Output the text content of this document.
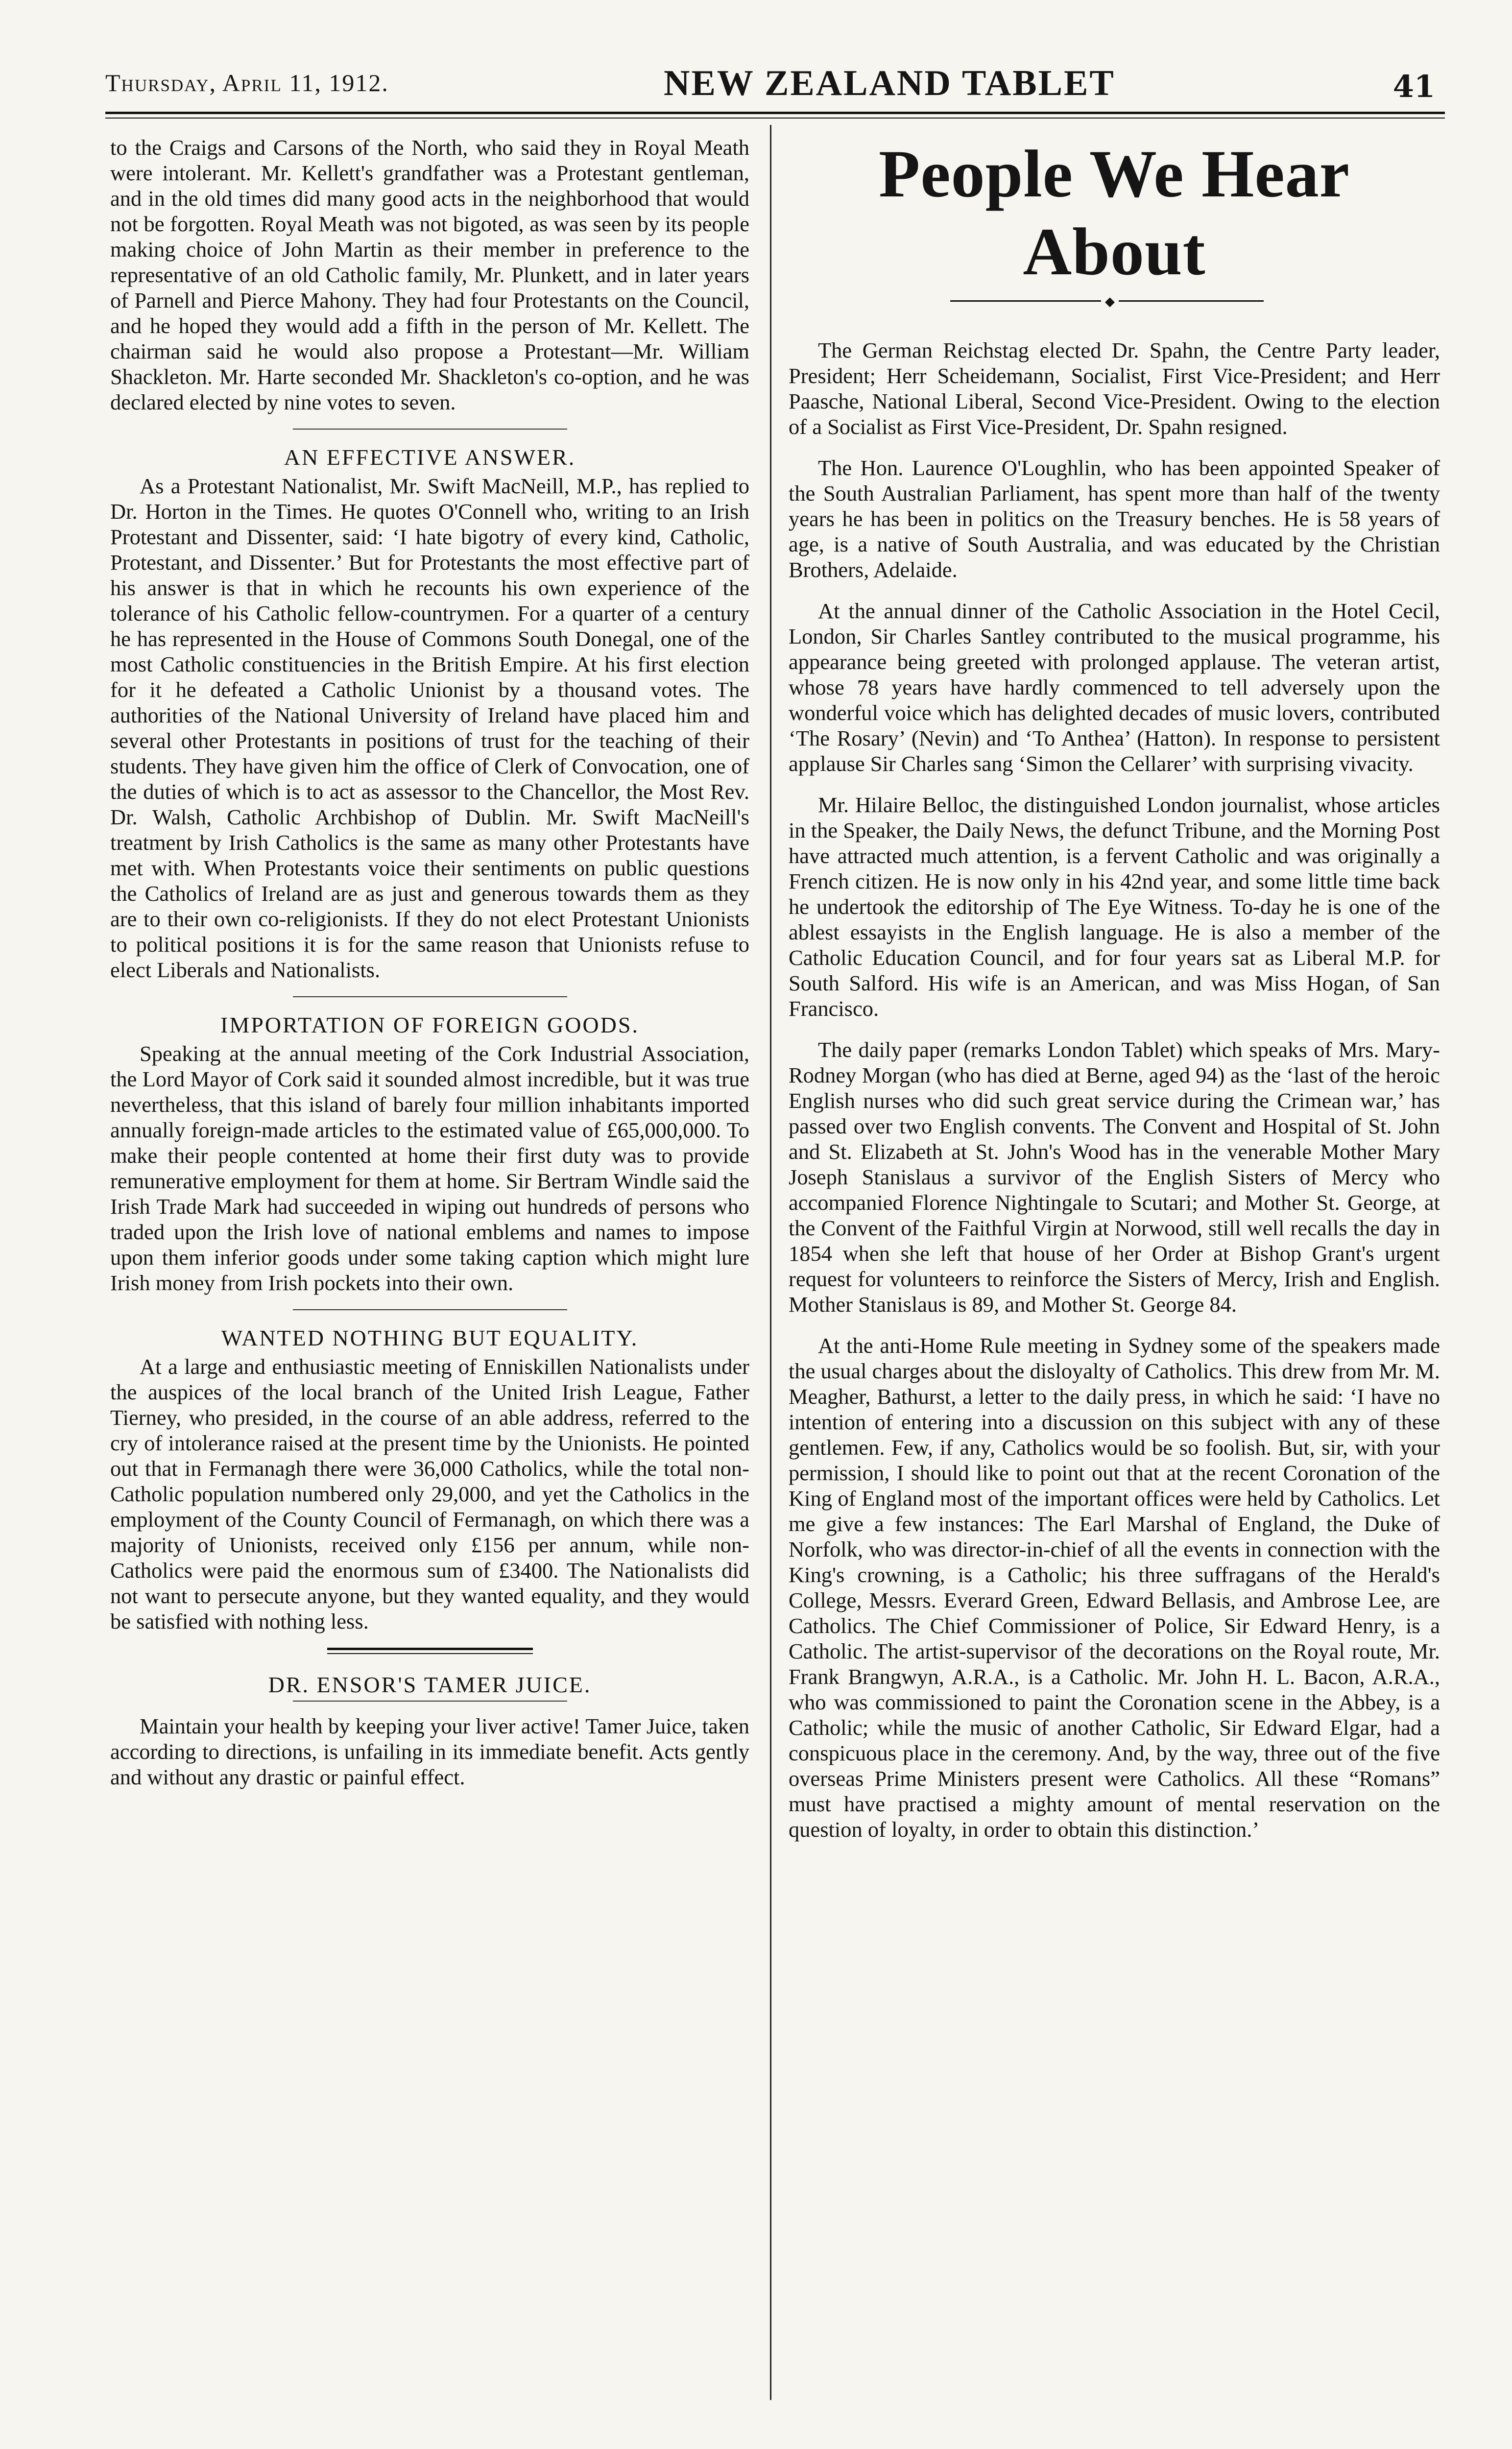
Thursday, April 11, 1912.	NEW ZEALAND TABLET	41

to the Craigs and Carsons of the North, who said they in Royal Meath were intolerant. Mr. Kellett's grandfather was a Protestant gentleman, and in the old times did many good acts in the neighborhood that would not be forgotten. Royal Meath was not bigoted, as was seen by its people making choice of John Martin as their member in preference to the representative of an old Catholic family, Mr. Plunkett, and in later years of Parnell and Pierce Mahony. They had four Protestants on the Council, and he hoped they would add a fifth in the person of Mr. Kellett. The chairman said he would also propose a Protestant—Mr. William Shackleton. Mr. Harte seconded Mr. Shackleton's co-option, and he was declared elected by nine votes to seven.

AN EFFECTIVE ANSWER.

As a Protestant Nationalist, Mr. Swift MacNeill, M.P., has replied to Dr. Horton in the Times. He quotes O'Connell who, writing to an Irish Protestant and Dissenter, said: ‘I hate bigotry of every kind, Catholic, Protestant, and Dissenter.’ But for Protestants the most effective part of his answer is that in which he recounts his own experience of the tolerance of his Catholic fellow-countrymen. For a quarter of a century he has represented in the House of Commons South Donegal, one of the most Catholic constituencies in the British Empire. At his first election for it he defeated a Catholic Unionist by a thousand votes. The authorities of the National University of Ireland have placed him and several other Protestants in positions of trust for the teaching of their students. They have given him the office of Clerk of Convocation, one of the duties of which is to act as assessor to the Chancellor, the Most Rev. Dr. Walsh, Catholic Archbishop of Dublin. Mr. Swift MacNeill's treatment by Irish Catholics is the same as many other Protestants have met with. When Protestants voice their sentiments on public questions the Catholics of Ireland are as just and generous towards them as they are to their own co-religionists. If they do not elect Protestant Unionists to political positions it is for the same reason that Unionists refuse to elect Liberals and Nationalists.

IMPORTATION OF FOREIGN GOODS.

Speaking at the annual meeting of the Cork Industrial Association, the Lord Mayor of Cork said it sounded almost incredible, but it was true nevertheless, that this island of barely four million inhabitants imported annually foreign-made articles to the estimated value of £65,000,000. To make their people contented at home their first duty was to provide remunerative employment for them at home. Sir Bertram Windle said the Irish Trade Mark had succeeded in wiping out hundreds of persons who traded upon the Irish love of national emblems and names to impose upon them inferior goods under some taking caption which might lure Irish money from Irish pockets into their own.

WANTED NOTHING BUT EQUALITY.

At a large and enthusiastic meeting of Enniskillen Nationalists under the auspices of the local branch of the United Irish League, Father Tierney, who presided, in the course of an able address, referred to the cry of intolerance raised at the present time by the Unionists. He pointed out that in Fermanagh there were 36,000 Catholics, while the total non-Catholic population numbered only 29,000, and yet the Catholics in the employment of the County Council of Fermanagh, on which there was a majority of Unionists, received only £156 per annum, while non-Catholics were paid the enormous sum of £3400. The Nationalists did not want to persecute anyone, but they wanted equality, and they would be satisfied with nothing less.

DR. ENSOR'S TAMER JUICE.

Maintain your health by keeping your liver active! Tamer Juice, taken according to directions, is unfailing in its immediate benefit. Acts gently and without any drastic or painful effect.

People We Hear About
◆

The German Reichstag elected Dr. Spahn, the Centre Party leader, President; Herr Scheidemann, Socialist, First Vice-President; and Herr Paasche, National Liberal, Second Vice-President. Owing to the election of a Socialist as First Vice-President, Dr. Spahn resigned.

The Hon. Laurence O'Loughlin, who has been appointed Speaker of the South Australian Parliament, has spent more than half of the twenty years he has been in politics on the Treasury benches. He is 58 years of age, is a native of South Australia, and was educated by the Christian Brothers, Adelaide.

At the annual dinner of the Catholic Association in the Hotel Cecil, London, Sir Charles Santley contributed to the musical programme, his appearance being greeted with prolonged applause. The veteran artist, whose 78 years have hardly commenced to tell adversely upon the wonderful voice which has delighted decades of music lovers, contributed ‘The Rosary’ (Nevin) and ‘To Anthea’ (Hatton). In response to persistent applause Sir Charles sang ‘Simon the Cellarer’ with surprising vivacity.

Mr. Hilaire Belloc, the distinguished London journalist, whose articles in the Speaker, the Daily News, the defunct Tribune, and the Morning Post have attracted much attention, is a fervent Catholic and was originally a French citizen. He is now only in his 42nd year, and some little time back he undertook the editorship of The Eye Witness. To-day he is one of the ablest essayists in the English language. He is also a member of the Catholic Education Council, and for four years sat as Liberal M.P. for South Salford. His wife is an American, and was Miss Hogan, of San Francisco.

The daily paper (remarks London Tablet) which speaks of Mrs. Mary-Rodney Morgan (who has died at Berne, aged 94) as the ‘last of the heroic English nurses who did such great service during the Crimean war,’ has passed over two English convents. The Convent and Hospital of St. John and St. Elizabeth at St. John's Wood has in the venerable Mother Mary Joseph Stanislaus a survivor of the English Sisters of Mercy who accompanied Florence Nightingale to Scutari; and Mother St. George, at the Convent of the Faithful Virgin at Norwood, still well recalls the day in 1854 when she left that house of her Order at Bishop Grant's urgent request for volunteers to reinforce the Sisters of Mercy, Irish and English. Mother Stanislaus is 89, and Mother St. George 84.

At the anti-Home Rule meeting in Sydney some of the speakers made the usual charges about the disloyalty of Catholics. This drew from Mr. M. Meagher, Bathurst, a letter to the daily press, in which he said: ‘I have no intention of entering into a discussion on this subject with any of these gentlemen. Few, if any, Catholics would be so foolish. But, sir, with your permission, I should like to point out that at the recent Coronation of the King of England most of the important offices were held by Catholics. Let me give a few instances: The Earl Marshal of England, the Duke of Norfolk, who was director-in-chief of all the events in connection with the King's crowning, is a Catholic; his three suffragans of the Herald's College, Messrs. Everard Green, Edward Bellasis, and Ambrose Lee, are Catholics. The Chief Commissioner of Police, Sir Edward Henry, is a Catholic. The artist-supervisor of the decorations on the Royal route, Mr. Frank Brangwyn, A.R.A., is a Catholic. Mr. John H. L. Bacon, A.R.A., who was commissioned to paint the Coronation scene in the Abbey, is a Catholic; while the music of another Catholic, Sir Edward Elgar, had a conspicuous place in the ceremony. And, by the way, three out of the five overseas Prime Ministers present were Catholics. All these “Romans” must have practised a mighty amount of mental reservation on the question of loyalty, in order to obtain this distinction.’
